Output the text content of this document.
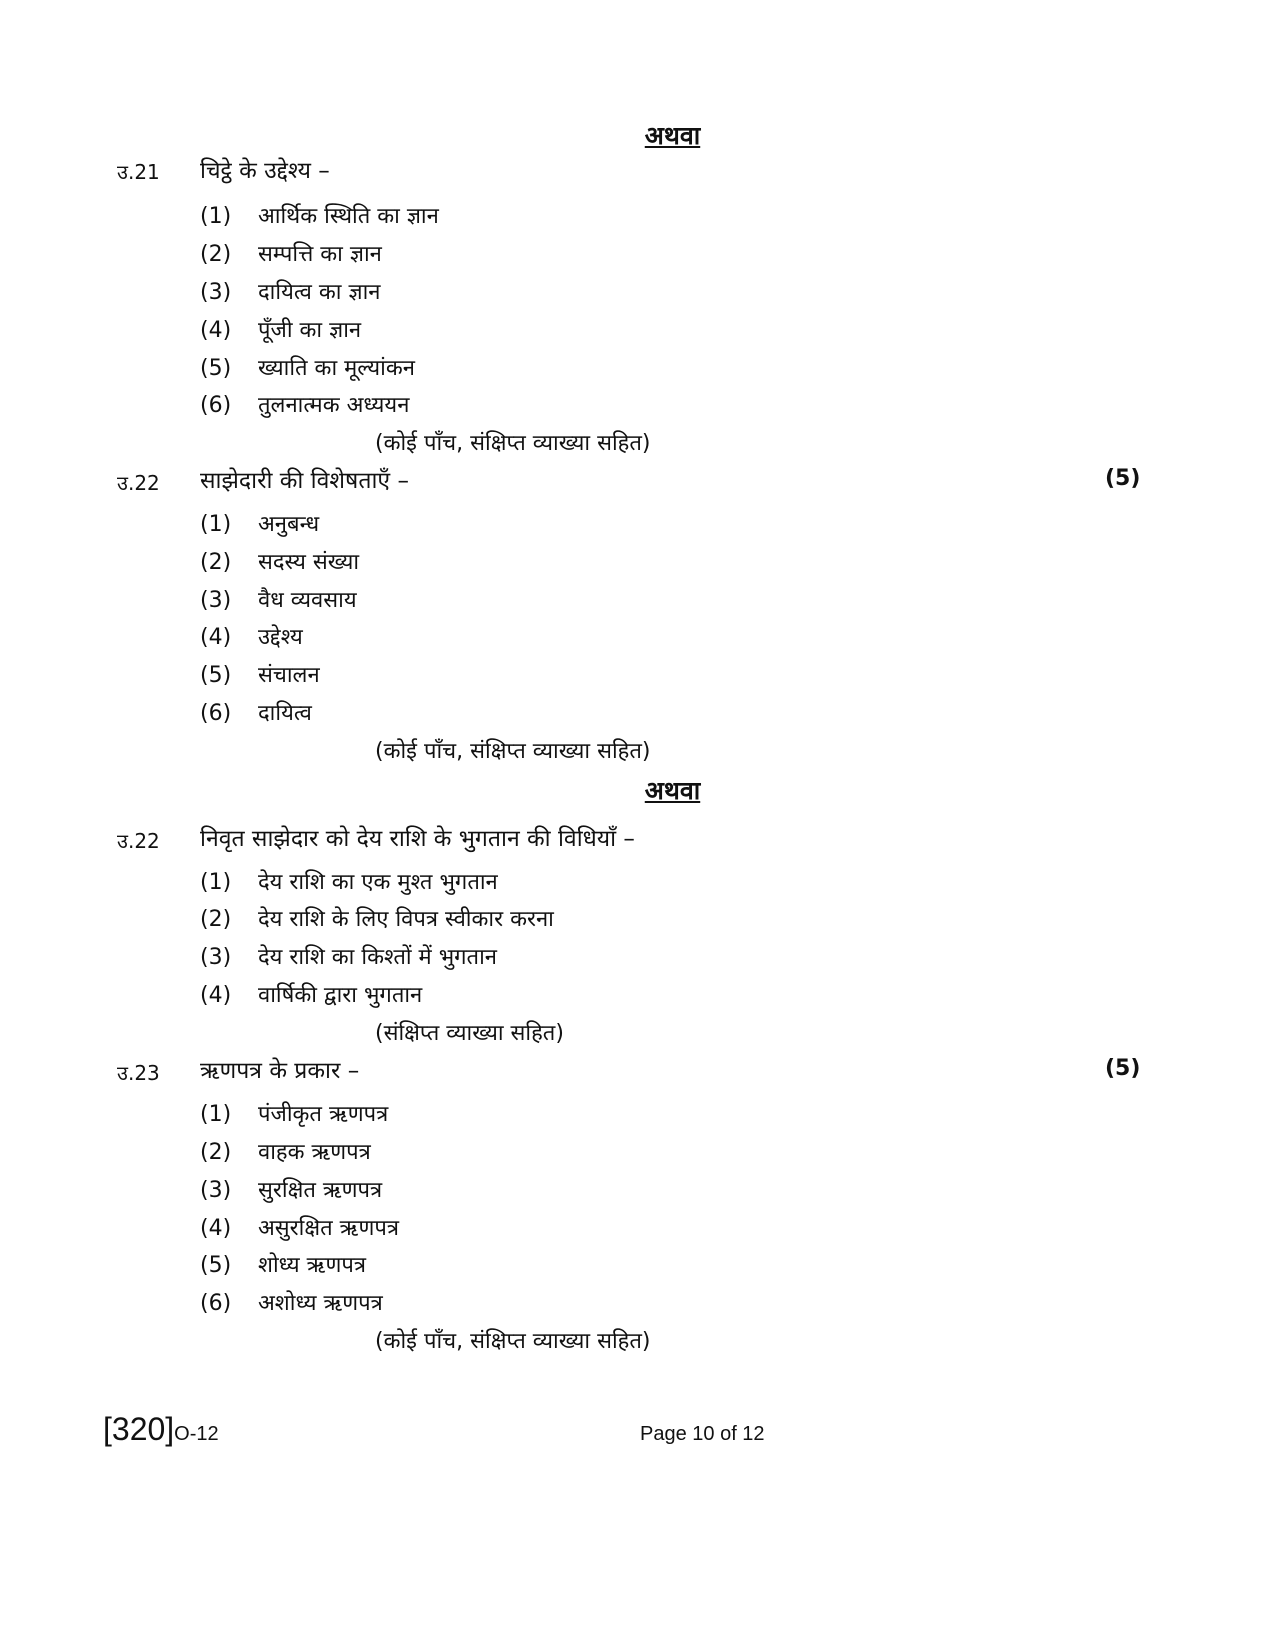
अथवा
उ.21 चिट्ठे के उद्देश्य –
(1) आर्थिक स्थिति का ज्ञान
(2) सम्पत्ति का ज्ञान
(3) दायित्व का ज्ञान
(4) पूँजी का ज्ञान
(5) ख्याति का मूल्यांकन
(6) तुलनात्मक अध्ययन
(कोई पाँच, संक्षिप्त व्याख्या सहित)
उ.22 साझेदारी की विशेषताएँ –	(5)
(1) अनुबन्ध
(2) सदस्य संख्या
(3) वैध व्यवसाय
(4) उद्देश्य
(5) संचालन
(6) दायित्व
(कोई पाँच, संक्षिप्त व्याख्या सहित)
अथवा
उ.22 निवृत साझेदार को देय राशि के भुगतान की विधियाँ –
(1) देय राशि का एक मुश्त भुगतान
(2) देय राशि के लिए विपत्र स्वीकार करना
(3) देय राशि का किश्तों में भुगतान
(4) वार्षिकी द्वारा भुगतान
(संक्षिप्त व्याख्या सहित)
उ.23 ऋणपत्र के प्रकार –	(5)
(1) पंजीकृत ऋणपत्र
(2) वाहक ऋणपत्र
(3) सुरक्षित ऋणपत्र
(4) असुरक्षित ऋणपत्र
(5) शोध्य ऋणपत्र
(6) अशोध्य ऋणपत्र
(कोई पाँच, संक्षिप्त व्याख्या सहित)
[320]O-12	Page 10 of 12
